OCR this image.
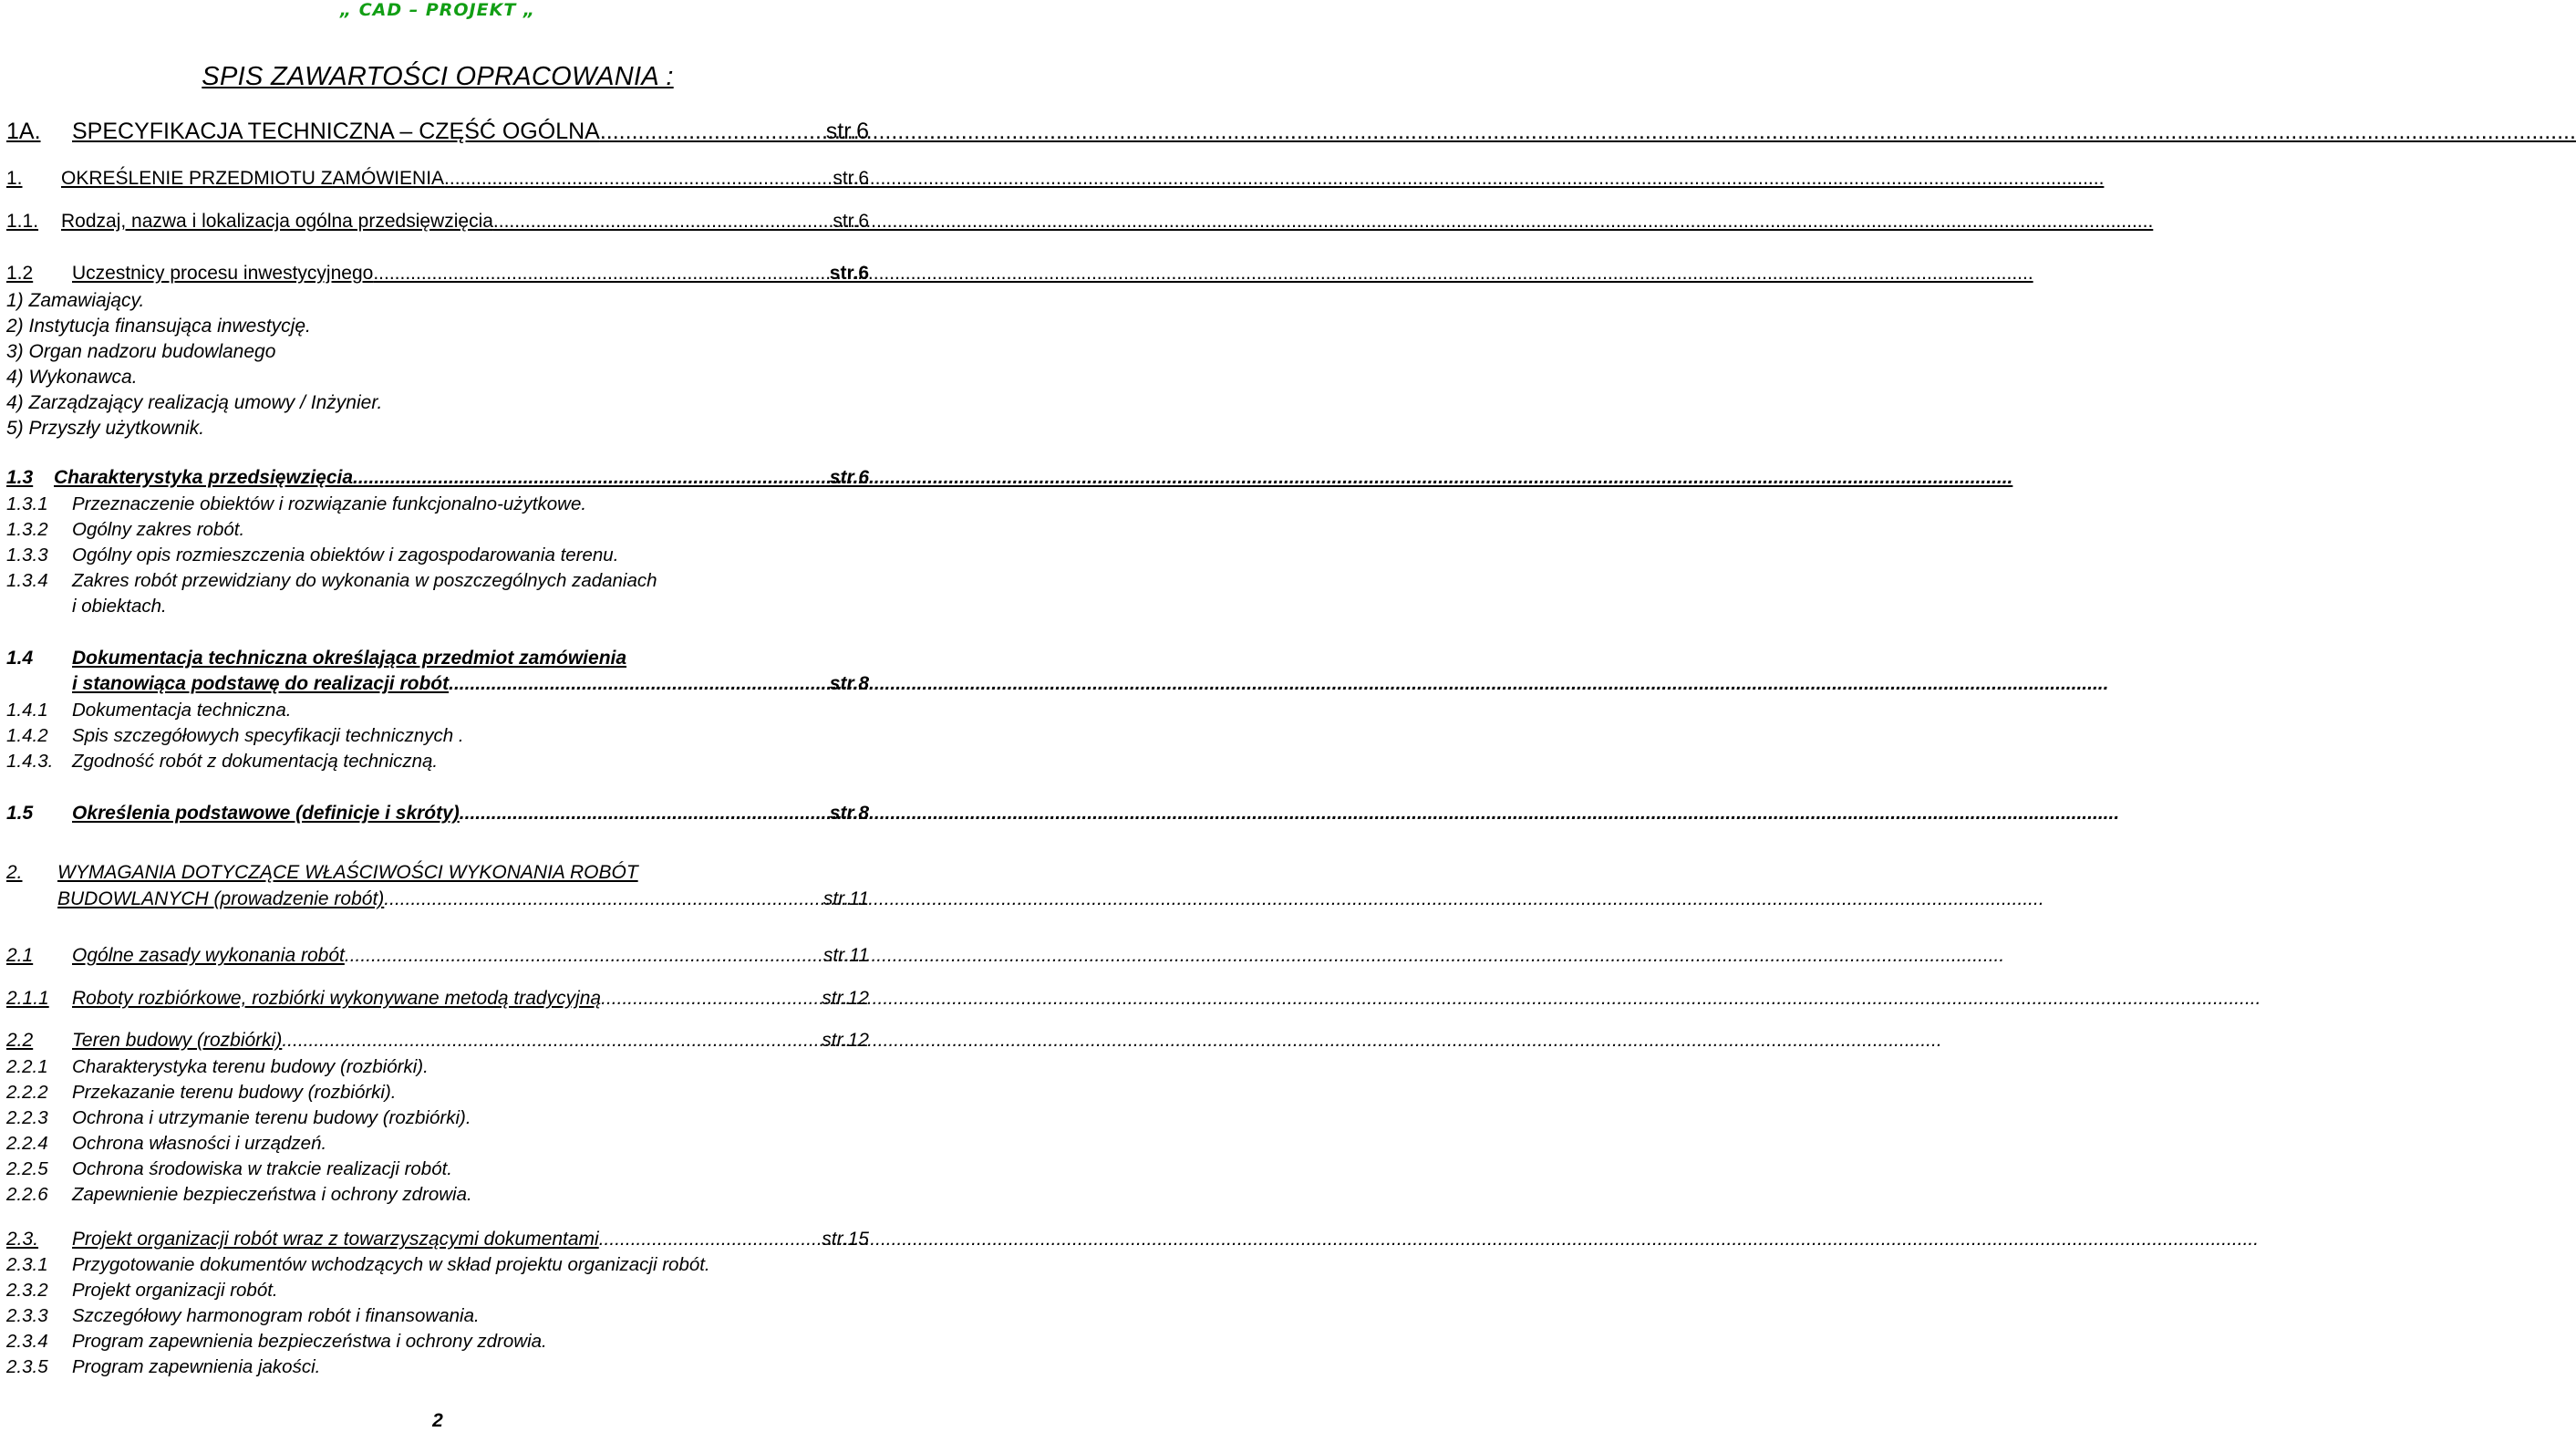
„ CAD – PROJEKT „
SPIS ZAWARTOŚCI OPRACOWANIA :
1A.	SPECYFIKACJA TECHNICZNA – CZĘŚĆ OGÓLNA .....	str.6
1.	OKREŚLENIE PRZEDMIOTU ZAMÓWIENIA .....	str.6
1.1.	Rodzaj, nazwa i lokalizacja ogólna przedsięwzięcia .....	str.6
1.2	Uczestnicy procesu inwestycyjnego .....	str.6
1) Zamawiający.
2) Instytucja finansująca inwestycję.
3) Organ nadzoru budowlanego
4) Wykonawca.
4) Zarządzający realizacją umowy / Inżynier.
5) Przyszły użytkownik.
1.3	Charakterystyka przedsięwzięcia .....	str.6
1.3.1	Przeznaczenie obiektów i rozwiązanie funkcjonalno-użytkowe.
1.3.2	Ogólny zakres robót.
1.3.3	Ogólny opis rozmieszczenia obiektów i zagospodarowania terenu.
1.3.4	Zakres robót przewidziany do wykonania w poszczególnych zadaniach
i obiektach.
1.4	Dokumentacja techniczna określająca przedmiot zamówienia
i stanowiąca podstawę do realizacji robót .....	str.8
1.4.1	Dokumentacja techniczna.
1.4.2	Spis szczegółowych specyfikacji technicznych .
1.4.3.	Zgodność robót z dokumentacją techniczną.
1.5	Określenia podstawowe (definicje i skróty) .....	str.8
2.	WYMAGANIA DOTYCZĄCE WŁAŚCIWOŚCI WYKONANIA ROBÓT
BUDOWLANYCH (prowadzenie robót) .....	str.11
2.1	Ogólne zasady wykonania robót .....	str.11
2.1.1	Roboty rozbiórkowe, rozbiórki wykonywane metodą tradycyjną .....	str.12
2.2	Teren budowy (rozbiórki) .....	str.12
2.2.1	Charakterystyka terenu budowy (rozbiórki).
2.2.2	Przekazanie terenu budowy (rozbiórki).
2.2.3	Ochrona i utrzymanie terenu budowy (rozbiórki).
2.2.4	Ochrona własności i urządzeń.
2.2.5	Ochrona środowiska w trakcie realizacji robót.
2.2.6	Zapewnienie bezpieczeństwa i ochrony zdrowia.
2.3.	Projekt organizacji robót wraz z towarzyszącymi dokumentami .....	str.15
2.3.1	Przygotowanie dokumentów wchodzących w skład projektu organizacji robót.
2.3.2	Projekt organizacji robót.
2.3.3	Szczegółowy harmonogram robót i finansowania.
2.3.4	Program zapewnienia bezpieczeństwa i ochrony zdrowia.
2.3.5	Program zapewnienia jakości.
2
